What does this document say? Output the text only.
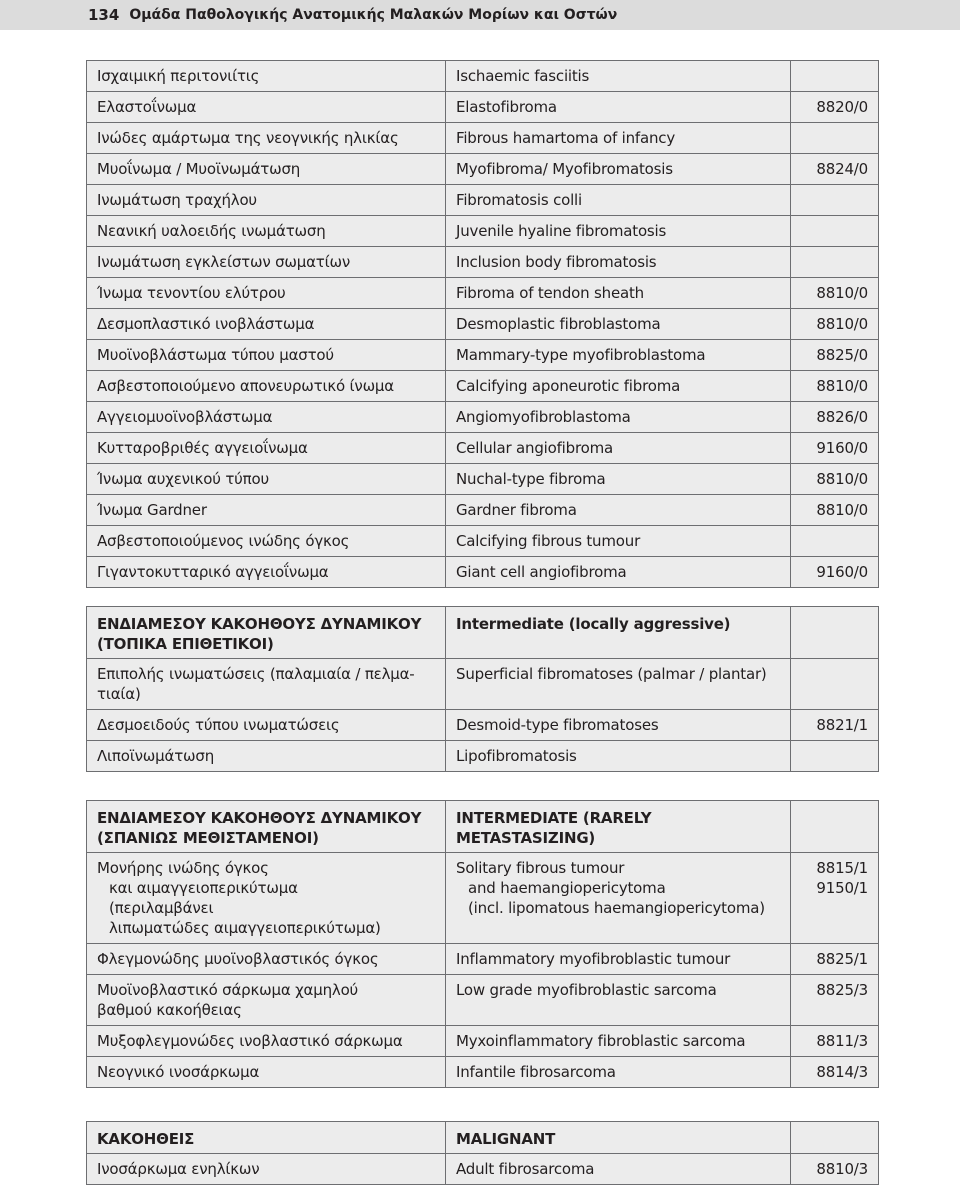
134 Ομάδα Παθολογικής Ανατομικής Μαλακών Μορίων και Οστών
Ισχαιμική περιτονιίτις	Ischaemic fasciitis	
Ελαστοΐνωμα	Elastofibroma	8820/0
Ινώδες αμάρτωμα της νεογνικής ηλικίας	Fibrous hamartoma of infancy	
Μυοΐνωμα / Μυοϊνωμάτωση	Myofibroma/ Myofibromatosis	8824/0
Ινωμάτωση τραχήλου	Fibromatosis colli	
Νεανική υαλοειδής ινωμάτωση	Juvenile hyaline fibromatosis	
Ινωμάτωση εγκλείστων σωματίων	Inclusion body fibromatosis	
Ίνωμα τενοντίου ελύτρου	Fibroma of tendon sheath	8810/0
Δεσμοπλαστικό ινοβλάστωμα	Desmoplastic fibroblastoma	8810/0
Μυοϊνοβλάστωμα τύπου μαστού	Mammary-type myofibroblastoma	8825/0
Ασβεστοποιούμενο απονευρωτικό ίνωμα	Calcifying aponeurotic fibroma	8810/0
Αγγειομυοϊνοβλάστωμα	Angiomyofibroblastoma	8826/0
Κυτταροβριθές αγγειοΐνωμα	Cellular angiofibroma	9160/0
Ίνωμα αυχενικού τύπου	Nuchal-type fibroma	8810/0
Ίνωμα Gardner	Gardner fibroma	8810/0
Ασβεστοποιούμενος ινώδης όγκος	Calcifying fibrous tumour	
Γιγαντοκυτταρικό αγγειοΐνωμα	Giant cell angiofibroma	9160/0
ΕΝΔΙΑΜΕΣΟΥ ΚΑΚΟΗΘΟΥΣ ΔΥΝΑΜΙΚΟΥ
(ΤΟΠΙΚΑ ΕΠΙΘΕΤΙΚΟΙ)	Intermediate (locally aggressive)	

Επιπολής ινωματώσεις (παλαμιαία / πελμα-
τιαία)	Superficial fibromatoses (palmar / plantar)	

Δεσμοειδούς τύπου ινωματώσεις	Desmoid-type fibromatoses	8821/1

Λιποϊνωμάτωση	Lipofibromatosis	

ΕΝΔΙΑΜΕΣΟΥ ΚΑΚΟΗΘΟΥΣ ΔΥΝΑΜΙΚΟΥ
(ΣΠΑΝΙΩΣ ΜΕΘΙΣΤΑΜΕΝΟΙ)	INTERMEDIATE (RARELY
METASTASIZING)	

Μονήρης ινώδης όγκος
και αιμαγγειοπερικύτωμα
(περιλαμβάνει
λιπωματώδες αιμαγγειοπερικύτωμα)	Solitary fibrous tumour
and haemangiopericytoma
(incl. lipomatous haemangiopericytoma)	8815/1
9150/1

Φλεγμονώδης μυοϊνοβλαστικός όγκος	Inflammatory myofibroblastic tumour	8825/1

Μυοϊνοβλαστικό σάρκωμα χαμηλού
βαθμού κακοήθειας	Low grade myofibroblastic sarcoma	8825/3

Μυξοφλεγμονώδες ινοβλαστικό σάρκωμα	Myxoinflammatory fibroblastic sarcoma	8811/3

Νεογνικό ινοσάρκωμα	Infantile fibrosarcoma	8814/3
ΚΑΚΟΗΘΕΙΣ	MALIGNANT	

Ινοσάρκωμα ενηλίκων	Adult fibrosarcoma	8810/3
